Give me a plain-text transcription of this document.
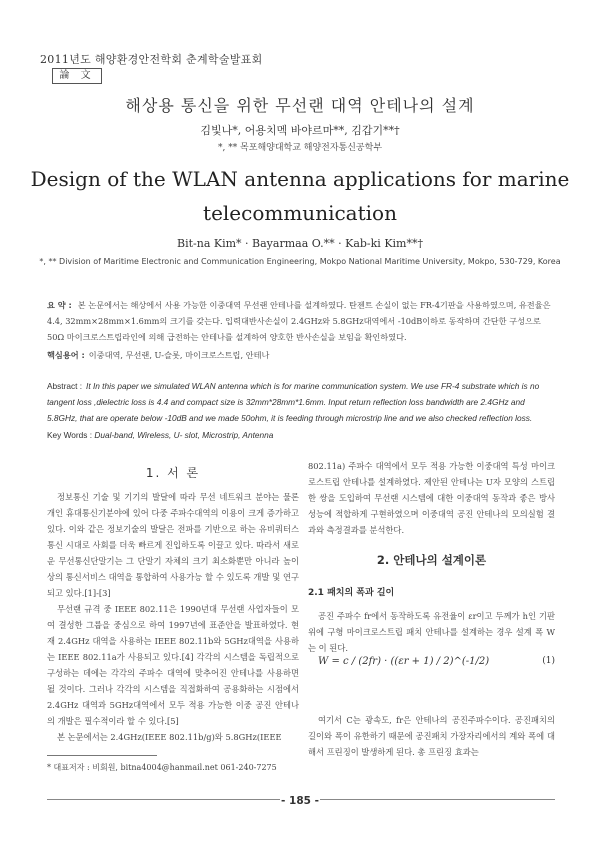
2011년도 해양환경안전학회 춘계학술발표회
論 文
해상용 통신을 위한 무선랜 대역 안테나의 설계
김빛나*, 어용치멕 바야르마**, 김갑기**†
*, ** 목포해양대학교 해양전자통신공학부
Design of the WLAN antenna applications for marine
telecommunication
Bit-na Kim* · Bayarmaa O.** · Kab-ki Kim**†
*, ** Division of Maritime Electronic and Communication Engineering, Mokpo National Maritime University, Mokpo, 530-729, Korea
요 약 : 본 논문에서는 해상에서 사용 가능한 이중대역 무선랜 안테나를 설계하였다. 탄젠트 손실이 없는 FR-4기판을 사용하였으며, 유전율은 4.4, 32mm×28mm×1.6mm의 크기를 갖는다. 입력대반사손실이 2.4GHz와 5.8GHz대역에서 -10dB이하로 동작하며 간단한 구성으로 50Ω 마이크로스트립라인에 의해 급전하는 안테나를 설계하여 양호한 반사손실을 보임을 확인하였다.
핵심용어 : 이중대역, 무선랜, U-슬롯, 마이크로스트립, 안테나
Abstract : It In this paper we simulated WLAN antenna which is for marine communication system. We use FR-4 substrate which is no tangent loss ,dielectric loss is 4.4 and compact size is 32mm*28mm*1.6mm. Input return reflection loss bandwidth are 2.4GHz and 5.8GHz, that are operate below -10dB and we made 50ohm, it is feeding through microstrip line and we also checked reflection loss.
Key Words : Dual-band, Wireless, U- slot, Microstrip, Antenna
1. 서 론

정보통신 기술 및 기기의 발달에 따라 무선 네트워크 분야는 물론 개인 휴대통신기분야에 있어 다중 주파수대역의 이용이 크게 증가하고 있다. 이와 같은 정보기술의 발달은 전파를 기반으로 하는 유비쿼터스 통신 시대로 사회를 더욱 빠르게 진입하도록 이끌고 있다. 따라서 새로운 무선통신단말기는 그 단말기 자체의 크기 최소화뿐만 아니라 높이상의 통신서비스 대역을 통합하여 사용가능 할 수 있도록 개발 및 연구되고 있다.[1]-[3]

무선랜 규격 중 IEEE 802.11은 1990년대 무선랜 사업자들이 모여 결성한 그룹을 중심으로 하여 1997년에 표준안을 발표하였다. 현재 2.4GHz 대역을 사용하는 IEEE 802.11b와 5GHz대역을 사용하는 IEEE 802.11a가 사용되고 있다.[4] 각각의 시스템을 독립적으로 구성하는 데에는 각각의 주파수 대역에 맞추어진 안테나를 사용하면 될 것이다. 그러나 각각의 시스템을 직접화하여 공용화하는 시점에서 2.4GHz 대역과 5GHz대역에서 모두 적용 가능한 이중 공진 안테나의 개발은 필수적이라 할 수 있다.[5]

본 논문에서는 2.4GHz(IEEE 802.11b/g)와 5.8GHz(IEEE

802.11a) 주파수 대역에서 모두 적용 가능한 이중대역 특성 마이크로스트립 안테나를 설계하였다. 제안된 안테나는 U자 모양의 스트립 한 쌍을 도입하여 무선랜 시스템에 대한 이중대역 동작과 좋은 방사 성능에 적합하게 구현하였으며 이중대역 공진 안테나의 모의실험 결과와 측정결과를 분석한다.

2. 안테나의 설계이론
2.1 패치의 폭과 길이

공진 주파수 fr에서 동작하도록 유전율이 εr이고 두께가 h인 기판위에 구형 마이크로스트립 패치 안테나를 설계하는 경우 설계 폭 W는 이 된다.

W = c / (2fr) · ((εr + 1) / 2)^(-1/2)	(1)

여기서 C는 광속도, fr은 안테나의 공진주파수이다. 공진패치의 길이와 폭이 유한하기 때문에 공진패치 가장자리에서의 계와 폭에 대해서 프린징이 발생하게 된다. 총 프린징 효과는

* 대표저자 : 비회원, bitna4004@hanmail.net 061-240-7275
- 185 -
